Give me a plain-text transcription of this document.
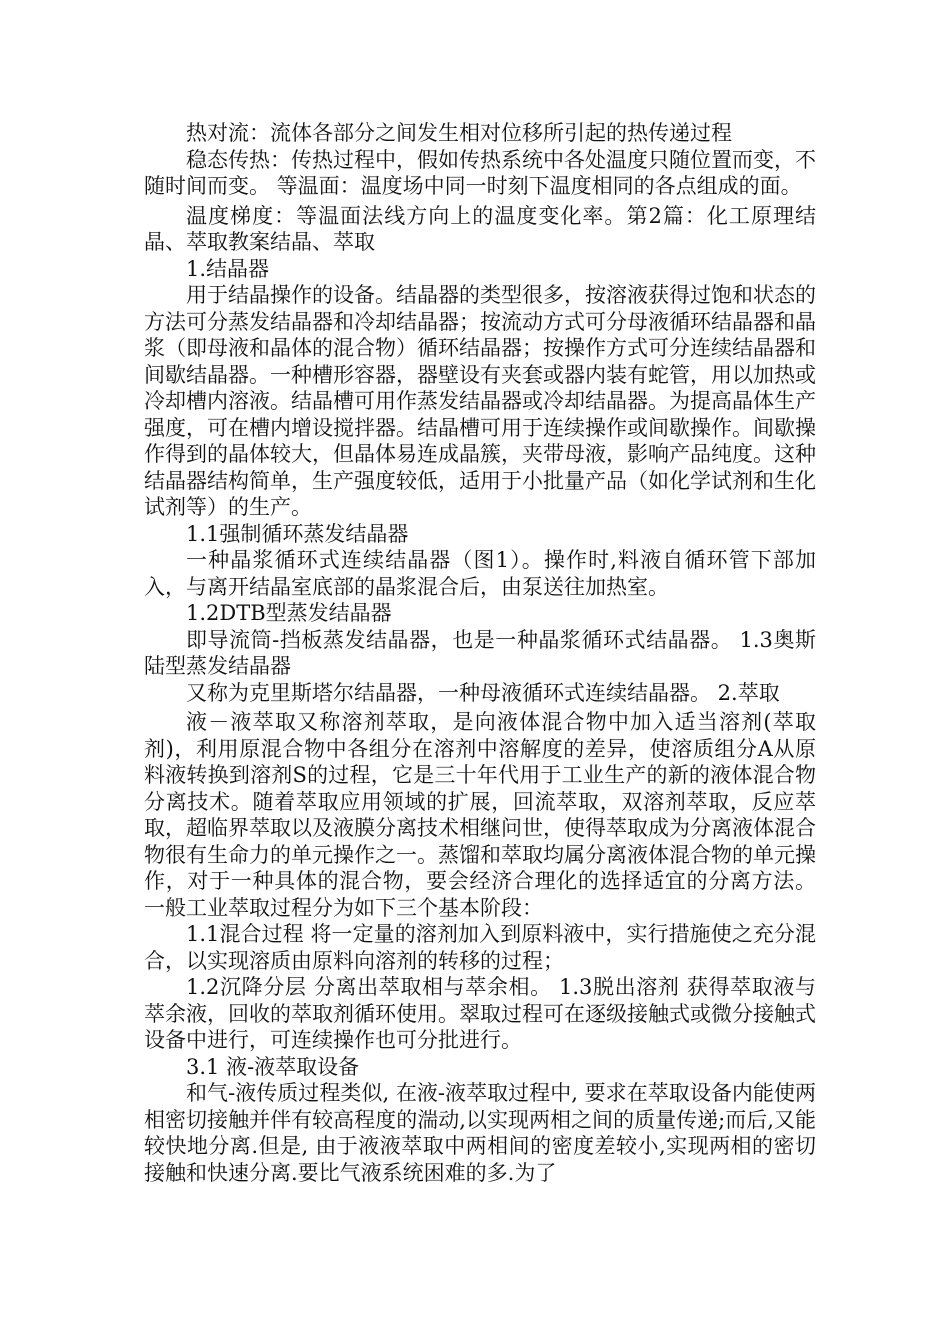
热对流：流体各部分之间发生相对位移所引起的热传递过程

稳态传热：传热过程中，假如传热系统中各处温度只随位置而变，不随时间而变。 等温面：温度场中同一时刻下温度相同的各点组成的面。

温度梯度：等温面法线方向上的温度变化率。第2篇：化工原理结晶、萃取教案结晶、萃取

1.结晶器

用于结晶操作的设备。结晶器的类型很多，按溶液获得过饱和状态的方法可分蒸发结晶器和冷却结晶器；按流动方式可分母液循环结晶器和晶浆（即母液和晶体的混合物）循环结晶器；按操作方式可分连续结晶器和间歇结晶器。一种槽形容器，器壁设有夹套或器内装有蛇管，用以加热或冷却槽内溶液。结晶槽可用作蒸发结晶器或冷却结晶器。为提高晶体生产强度，可在槽内增设搅拌器。结晶槽可用于连续操作或间歇操作。间歇操作得到的晶体较大，但晶体易连成晶簇，夹带母液，影响产品纯度。这种结晶器结构简单，生产强度较低，适用于小批量产品（如化学试剂和生化试剂等）的生产。

1.1强制循环蒸发结晶器

一种晶浆循环式连续结晶器（图1）。操作时,料液自循环管下部加入，与离开结晶室底部的晶浆混合后，由泵送往加热室。

1.2DTB型蒸发结晶器

即导流筒-挡板蒸发结晶器，也是一种晶浆循环式结晶器。 1.3奥斯陆型蒸发结晶器

又称为克里斯塔尔结晶器，一种母液循环式连续结晶器。 2.萃取

液－液萃取又称溶剂萃取，是向液体混合物中加入适当溶剂(萃取剂)，利用原混合物中各组分在溶剂中溶解度的差异，使溶质组分A从原料液转换到溶剂S的过程，它是三十年代用于工业生产的新的液体混合物分离技术。随着萃取应用领域的扩展，回流萃取，双溶剂萃取，反应萃取，超临界萃取以及液膜分离技术相继问世，使得萃取成为分离液体混合物很有生命力的单元操作之一。蒸馏和萃取均属分离液体混合物的单元操作，对于一种具体的混合物，要会经济合理化的选择适宜的分离方法。 一般工业萃取过程分为如下三个基本阶段：

1.1混合过程 将一定量的溶剂加入到原料液中，实行措施使之充分混合，以实现溶质由原料向溶剂的转移的过程；

1.2沉降分层 分离出萃取相与萃余相。 1.3脱出溶剂 获得萃取液与萃余液，回收的萃取剂循环使用。翠取过程可在逐级接触式或微分接触式设备中进行，可连续操作也可分批进行。

3.1 液-液萃取设备

和气-液传质过程类似, 在液-液萃取过程中, 要求在萃取设备内能使两相密切接触并伴有较高程度的湍动,以实现两相之间的质量传递;而后,又能较快地分离.但是, 由于液液萃取中两相间的密度差较小,实现两相的密切接触和快速分离.要比气液系统困难的多.为了
